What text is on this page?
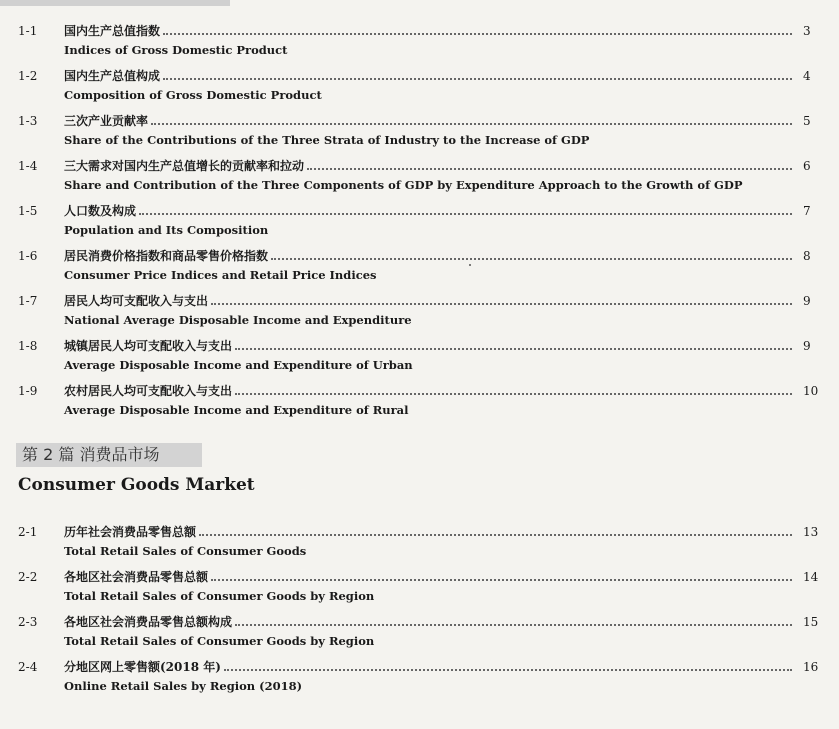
1-1 国内生产总值指数	3
Indices of Gross Domestic Product
1-2 国内生产总值构成	4
Composition of Gross Domestic Product
1-3 三次产业贡献率	5
Share of the Contributions of the Three Strata of Industry to the Increase of GDP
1-4 三大需求对国内生产总值增长的贡献率和拉动	6
Share and Contribution of the Three Components of GDP by Expenditure Approach to the Growth of GDP
1-5 人口数及构成	7
Population and Its Composition
1-6 居民消费价格指数和商品零售价格指数	8
Consumer Price Indices and Retail Price Indices
1-7 居民人均可支配收入与支出	9
National Average Disposable Income and Expenditure
1-8 城镇居民人均可支配收入与支出	9
Average Disposable Income and Expenditure of Urban
1-9 农村居民人均可支配收入与支出	10
Average Disposable Income and Expenditure of Rural
第 2 篇 消费品市场
Consumer Goods Market
2-1 历年社会消费品零售总额	13
Total Retail Sales of Consumer Goods
2-2 各地区社会消费品零售总额	14
Total Retail Sales of Consumer Goods by Region
2-3 各地区社会消费品零售总额构成	15
Total Retail Sales of Consumer Goods by Region
2-4 分地区网上零售额(2018 年)	16
Online Retail Sales by Region (2018)
